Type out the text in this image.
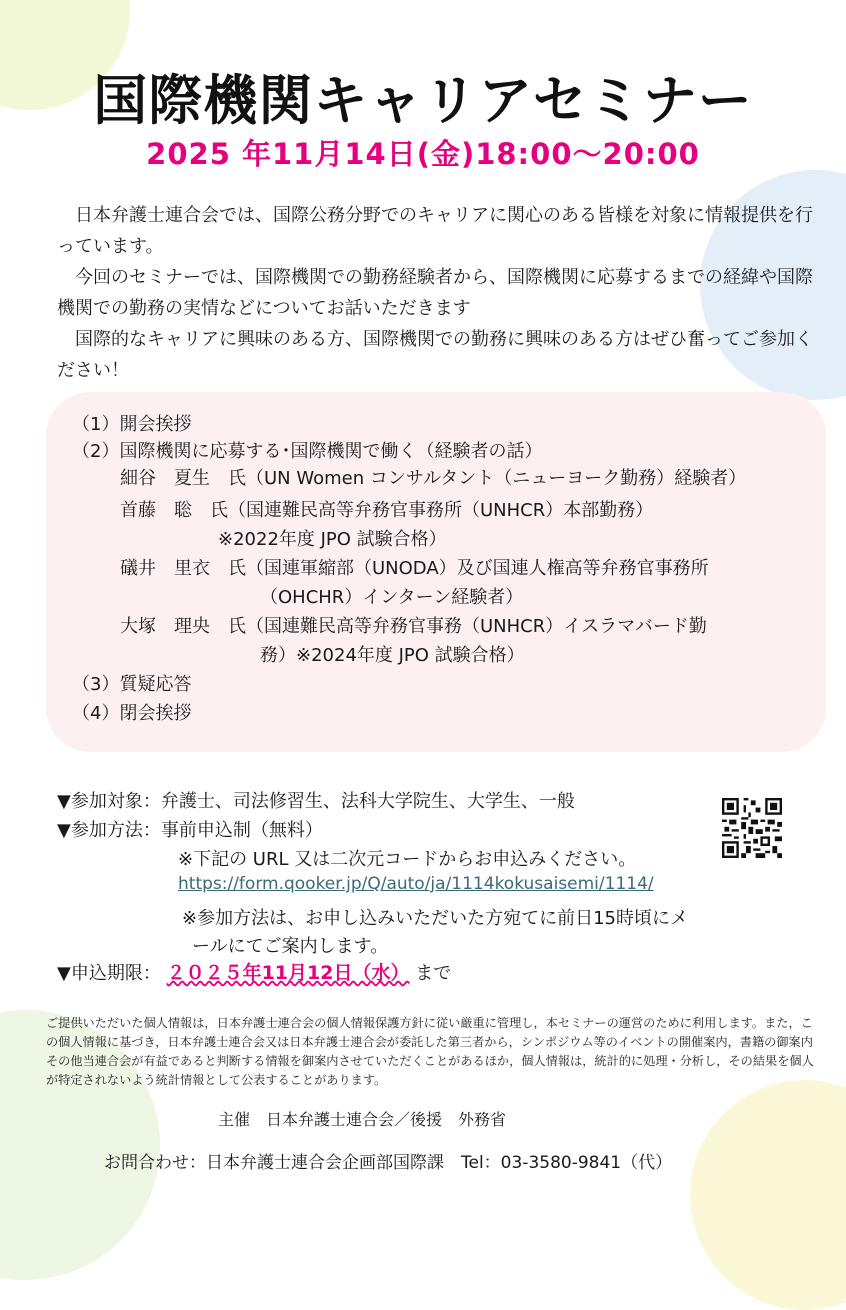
国際機関キャリアセミナー
2025 年11月14日(金)18:00～20:00

日本弁護士連合会では、国際公務分野でのキャリアに関心のある皆様を対象に情報提供を行っています。

今回のセミナーでは、国際機関での勤務経験者から、国際機関に応募するまでの経緯や国際機関での勤務の実情などについてお話いただきます

国際的なキャリアに興味のある方、国際機関での勤務に興味のある方はぜひ奮ってご参加ください！

（1）開会挨拶
（2）国際機関に応募する･国際機関で働く（経験者の話）
細谷　夏生　氏（UN Women コンサルタント（ニューヨーク勤務）経験者）
首藤　聡　氏（国連難民高等弁務官事務所（UNHCR）本部勤務）
※2022年度 JPO 試験合格）
礒井　里衣　氏（国連軍縮部（UNODA）及び国連人権高等弁務官事務所
（OHCHR）インターン経験者）
大塚　理央　氏（国連難民高等弁務官事務（UNHCR）イスラマバード勤
務）※2024年度 JPO 試験合格）
（3）質疑応答
（4）閉会挨拶
▼参加対象：弁護士、司法修習生、法科大学院生、大学生、一般
▼参加方法：事前申込制（無料）
※下記の URL 又は二次元コードからお申込みください。
https://form.qooker.jp/Q/auto/ja/1114kokusaisemi/1114/
※参加方法は、お申し込みいただいた方宛てに前日15時頃にメ
ールにてご案内します。
▼申込期限： ２０２５年11月12日（水） まで
ご提供いただいた個人情報は，日本弁護士連合会の個人情報保護方針に従い厳重に管理し，本セミナーの運営のために利用します。また，この個人情報に基づき，日本弁護士連合会又は日本弁護士連合会が委託した第三者から，シンポジウム等のイベントの開催案内，書籍の御案内その他当連合会が有益であると判断する情報を御案内させていただくことがあるほか，個人情報は，統計的に処理・分析し，その結果を個人が特定されないよう統計情報として公表することがあります。
主催　日本弁護士連合会／後援　外務省
お問合わせ：日本弁護士連合会企画部国際課　Tel：03-3580-9841（代）
